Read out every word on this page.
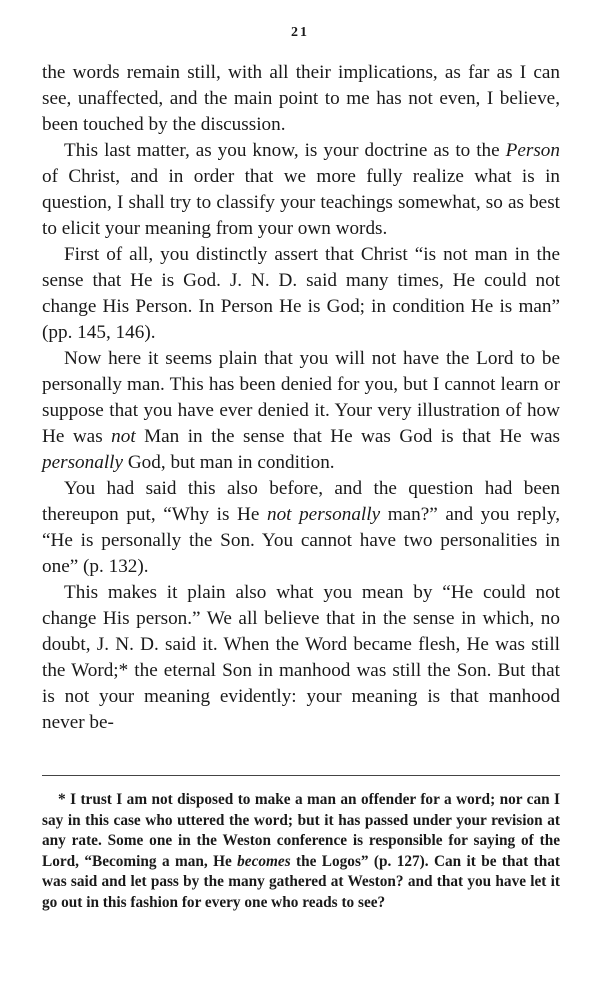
21

the words remain still, with all their implications, as far as I can see, unaffected, and the main point to me has not even, I believe, been touched by the discussion.

This last matter, as you know, is your doctrine as to the Person of Christ, and in order that we more fully realize what is in question, I shall try to classify your teachings somewhat, so as best to elicit your meaning from your own words.

First of all, you distinctly assert that Christ “is not man in the sense that He is God. J. N. D. said many times, He could not change His Person. In Person He is God; in condition He is man” (pp. 145, 146).

Now here it seems plain that you will not have the Lord to be personally man. This has been denied for you, but I cannot learn or suppose that you have ever denied it. Your very illustration of how He was not Man in the sense that He was God is that He was personally God, but man in condition.

You had said this also before, and the question had been thereupon put, “Why is He not personally man?” and you reply, “He is personally the Son. You cannot have two personalities in one” (p. 132).

This makes it plain also what you mean by “He could not change His person.” We all believe that in the sense in which, no doubt, J. N. D. said it. When the Word became flesh, He was still the Word;* the eternal Son in manhood was still the Son. But that is not your meaning evidently: your meaning is that manhood never be-

* I trust I am not disposed to make a man an offender for a word; nor can I say in this case who uttered the word; but it has passed under your revision at any rate. Some one in the Weston conference is responsible for saying of the Lord, “Becoming a man, He becomes the Logos” (p. 127). Can it be that that was said and let pass by the many gathered at Weston? and that you have let it go out in this fashion for every one who reads to see?
